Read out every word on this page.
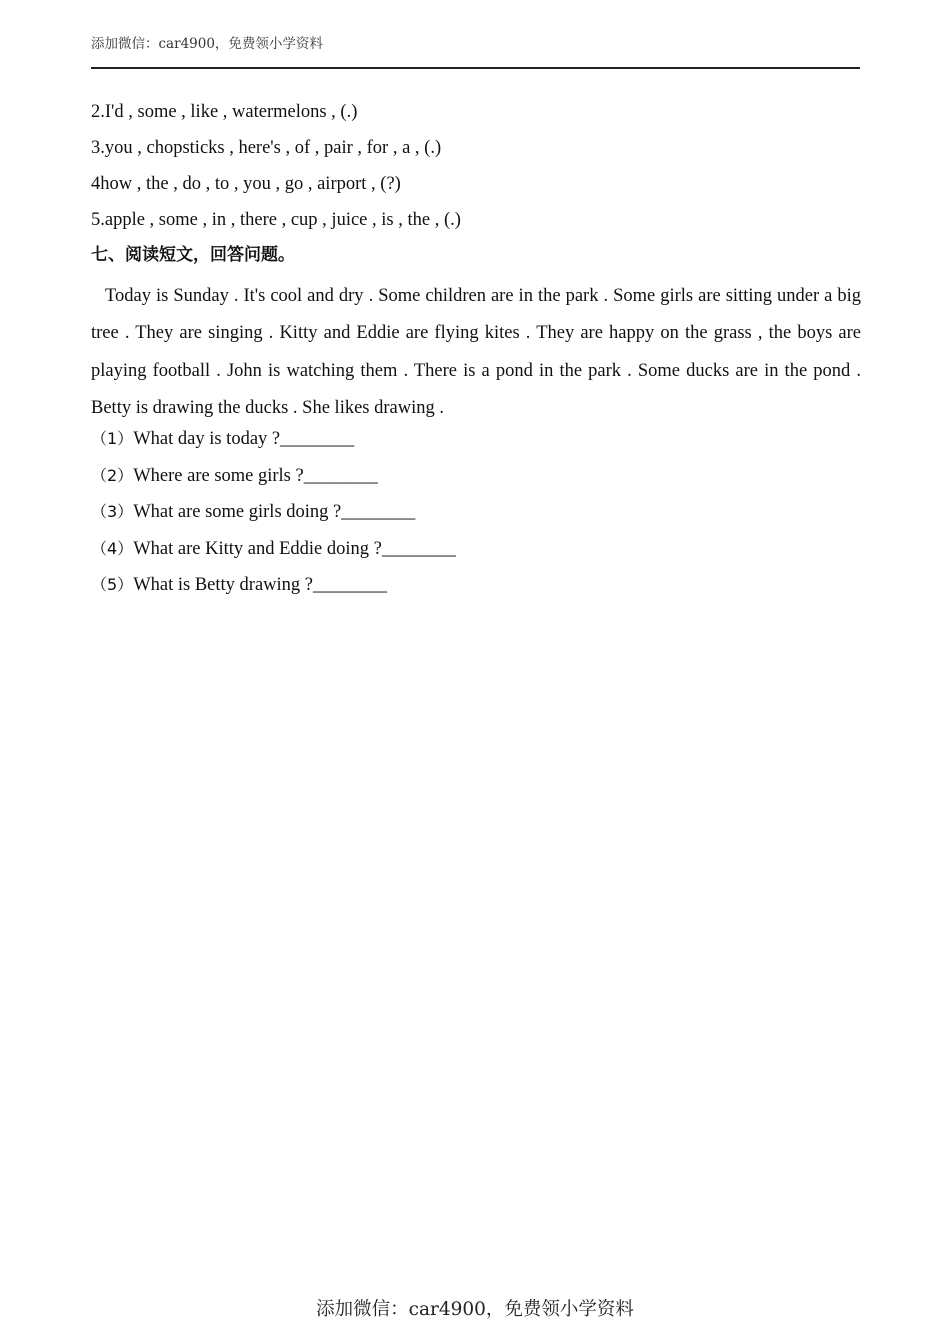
添加微信：car4900，免费领小学资料
2.I'd , some , like , watermelons , (.)
3.you , chopsticks , here's , of , pair , for , a , (.)
4how , the , do , to , you , go , airport , (?)
5.apple , some , in , there , cup , juice , is , the , (.)
七、阅读短文，回答问题。
Today is Sunday . It's cool and dry . Some children are in the park . Some girls are sitting under a big tree . They are singing . Kitty and Eddie are flying kites . They are happy on the grass , the boys are playing football . John is watching them . There is a pond in the park . Some ducks are in the pond . Betty is drawing the ducks . She likes drawing .
（1）What day is today ?________
（2）Where are some girls ?________
（3）What are some girls doing ?________
（4）What are Kitty and Eddie doing ?________
（5）What is Betty drawing ?________
添加微信：car4900，免费领小学资料
